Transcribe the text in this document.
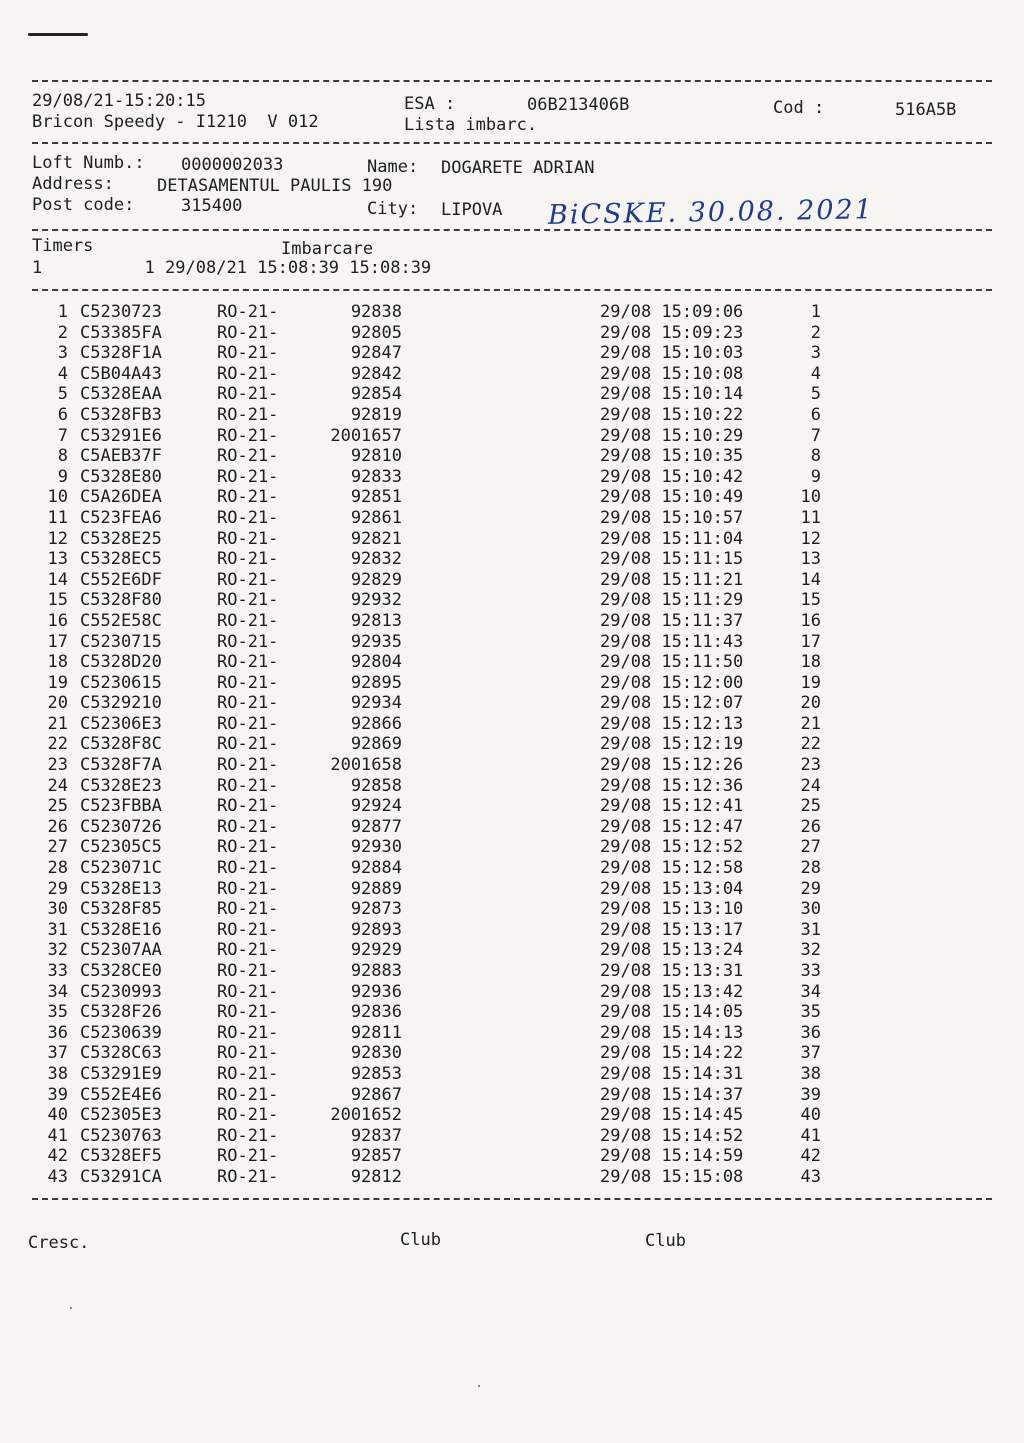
29/08/21-15:20:15	ESA :	06B213406B	Cod :	516A5B
Bricon Speedy - I1210  V 012	Lista imbarc.
Loft Numb.: 0000002033	Name: DOGARETE ADRIAN
Address:	DETASAMENTUL PAULIS 190
Post code:	315400	City: LIPOVA BiCSKE. 30.08. 2021
Timers	Imbarcare
1          1 29/08/21 15:08:39 15:08:39
1 C5230723	RO-21-	92838	29/08 15:09:06	1
2 C53385FA	RO-21-	92805	29/08 15:09:23	2
3 C5328F1A	RO-21-	92847	29/08 15:10:03	3
4 C5B04A43	RO-21-	92842	29/08 15:10:08	4
5 C5328EAA	RO-21-	92854	29/08 15:10:14	5
6 C5328FB3	RO-21-	92819	29/08 15:10:22	6
7 C53291E6	RO-21-	2001657	29/08 15:10:29	7
8 C5AEB37F	RO-21-	92810	29/08 15:10:35	8
9 C5328E80	RO-21-	92833	29/08 15:10:42	9
10 C5A26DEA	RO-21-	92851	29/08 15:10:49	10
11 C523FEA6	RO-21-	92861	29/08 15:10:57	11
12 C5328E25	RO-21-	92821	29/08 15:11:04	12
13 C5328EC5	RO-21-	92832	29/08 15:11:15	13
14 C552E6DF	RO-21-	92829	29/08 15:11:21	14
15 C5328F80	RO-21-	92932	29/08 15:11:29	15
16 C552E58C	RO-21-	92813	29/08 15:11:37	16
17 C5230715	RO-21-	92935	29/08 15:11:43	17
18 C5328D20	RO-21-	92804	29/08 15:11:50	18
19 C5230615	RO-21-	92895	29/08 15:12:00	19
20 C5329210	RO-21-	92934	29/08 15:12:07	20
21 C52306E3	RO-21-	92866	29/08 15:12:13	21
22 C5328F8C	RO-21-	92869	29/08 15:12:19	22
23 C5328F7A	RO-21-	2001658	29/08 15:12:26	23
24 C5328E23	RO-21-	92858	29/08 15:12:36	24
25 C523FBBA	RO-21-	92924	29/08 15:12:41	25
26 C5230726	RO-21-	92877	29/08 15:12:47	26
27 C52305C5	RO-21-	92930	29/08 15:12:52	27
28 C523071C	RO-21-	92884	29/08 15:12:58	28
29 C5328E13	RO-21-	92889	29/08 15:13:04	29
30 C5328F85	RO-21-	92873	29/08 15:13:10	30
31 C5328E16	RO-21-	92893	29/08 15:13:17	31
32 C52307AA	RO-21-	92929	29/08 15:13:24	32
33 C5328CE0	RO-21-	92883	29/08 15:13:31	33
34 C5230993	RO-21-	92936	29/08 15:13:42	34
35 C5328F26	RO-21-	92836	29/08 15:14:05	35
36 C5230639	RO-21-	92811	29/08 15:14:13	36
37 C5328C63	RO-21-	92830	29/08 15:14:22	37
38 C53291E9	RO-21-	92853	29/08 15:14:31	38
39 C552E4E6	RO-21-	92867	29/08 15:14:37	39
40 C52305E3	RO-21-	2001652	29/08 15:14:45	40
41 C5230763	RO-21-	92837	29/08 15:14:52	41
42 C5328EF5	RO-21-	92857	29/08 15:14:59	42
43 C53291CA	RO-21-	92812	29/08 15:15:08	43
Cresc.	Club	Club
